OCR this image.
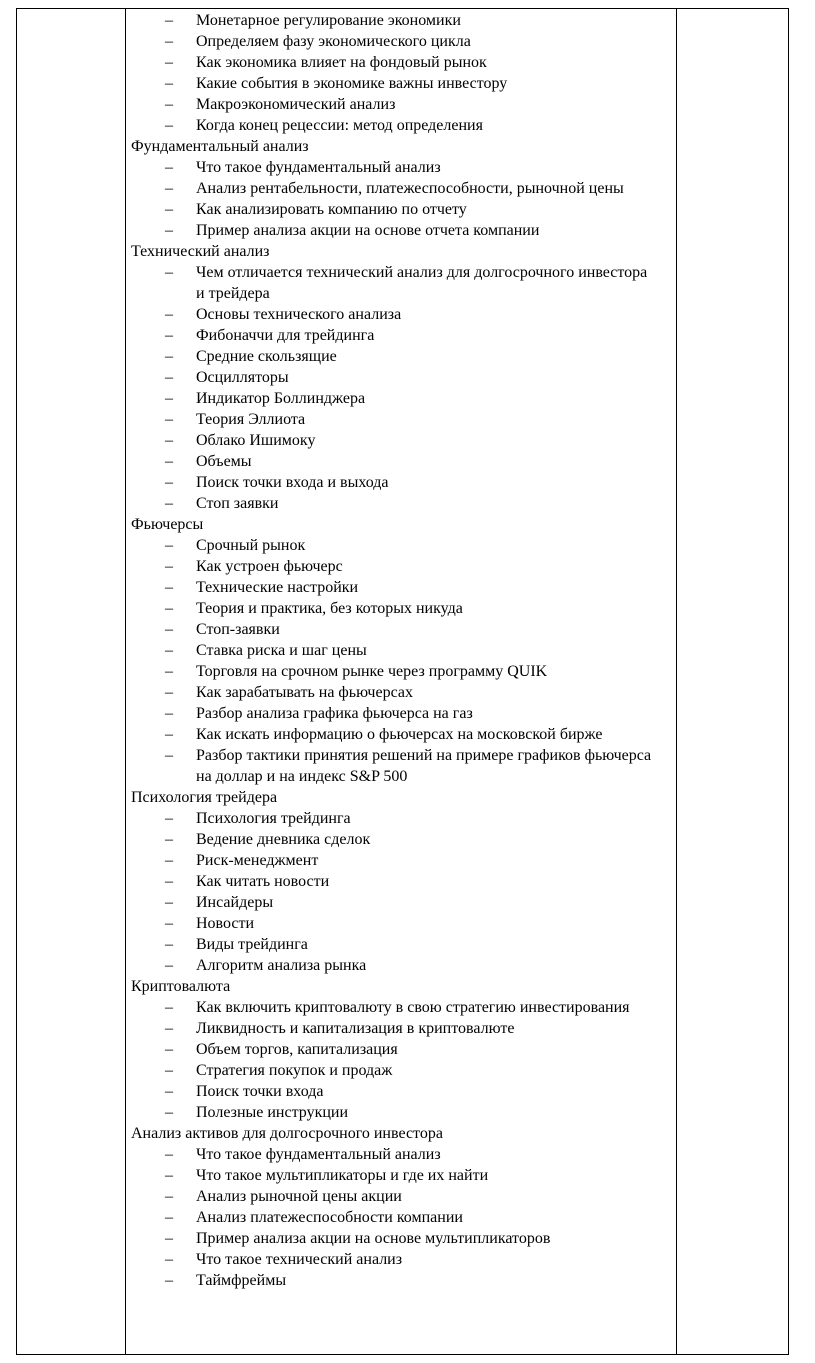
–	Монетарное регулирование экономики
–	Определяем фазу экономического цикла
–	Как экономика влияет на фондовый рынок
–	Какие события в экономике важны инвестору
–	Макроэкономический анализ
–	Когда конец рецессии: метод определения
Фундаментальный анализ
–	Что такое фундаментальный анализ
–	Анализ рентабельности, платежеспособности, рыночной цены
–	Как анализировать компанию по отчету
–	Пример анализа акции на основе отчета компании
Технический анализ
–	Чем отличается технический анализ для долгосрочного инвестора и трейдера
–	Основы технического анализа
–	Фибоначчи для трейдинга
–	Средние скользящие
–	Осцилляторы
–	Индикатор Боллинджера
–	Теория Эллиота
–	Облако Ишимоку
–	Объемы
–	Поиск точки входа и выхода
–	Стоп заявки
Фьючерсы
–	Срочный рынок
–	Как устроен фьючерс
–	Технические настройки
–	Теория и практика, без которых никуда
–	Стоп-заявки
–	Ставка риска и шаг цены
–	Торговля на срочном рынке через программу QUIK
–	Как зарабатывать на фьючерсах
–	Разбор анализа графика фьючерса на газ
–	Как искать информацию о фьючерсах на московской бирже
–	Разбор тактики принятия решений на примере графиков фьючерса на доллар и на индекс S&P 500
Психология трейдера
–	Психология трейдинга
–	Ведение дневника сделок
–	Риск-менеджмент
–	Как читать новости
–	Инсайдеры
–	Новости
–	Виды трейдинга
–	Алгоритм анализа рынка
Криптовалюта
–	Как включить криптовалюту в свою стратегию инвестирования
–	Ликвидность и капитализация в криптовалюте
–	Объем торгов, капитализация
–	Стратегия покупок и продаж
–	Поиск точки входа
–	Полезные инструкции
Анализ активов для долгосрочного инвестора
–	Что такое фундаментальный анализ
–	Что такое мультипликаторы и где их найти
–	Анализ рыночной цены акции
–	Анализ платежеспособности компании
–	Пример анализа акции на основе мультипликаторов
–	Что такое технический анализ
–	Таймфреймы
